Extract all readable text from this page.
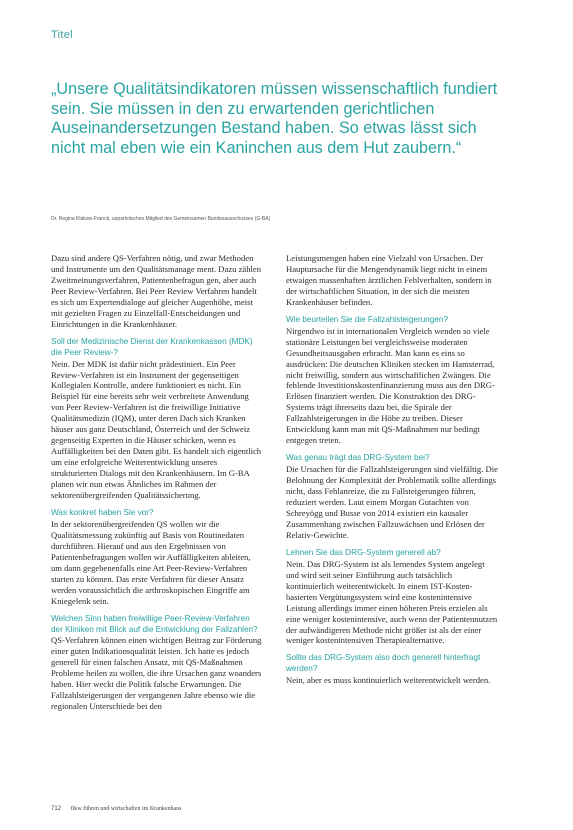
Titel
„Unsere Qualitätsindikatoren müssen wissenschaftlich fundiert sein. Sie müssen in den zu erwartenden gerichtlichen Auseinandersetzungen Bestand haben. So etwas lässt sich nicht mal eben wie ein Kaninchen aus dem Hut zaubern.“
Dr. Regina Klakow-Franck, unparteiisches Mitglied des Gemeinsamen Bundesausschusses (G-BA)

Dazu sind andere QS-Verfahren nötig, und zwar Methoden und Instrumente um den Qualitätsmanage ment. Dazu zählen Zweitmeinungsverfahren, Patientenbefragun gen, aber auch Peer Review-Verfahren. Bei Peer Review Verfahren handelt es sich um Expertendialoge auf gleicher Augenhöhe, meist mit gezielten Fragen zu Einzelfall-Entscheidungen und Einrichtungen in die Krankenhäuser.

Soll der Medizinische Dienst der Krankenkassen (MDK) die Peer Review-?

Nein. Der MDK ist dafür nicht prädestiniert. Ein Peer Review-Verfahren ist ein Instrument der gegenseitigen Kollegialen Kontrolle, andere funktioniert es nicht. Ein Beispiel für eine bereits sehr weit verbreitete Anwendung von Peer Review-Verfahren ist die freiwillige Initiative Qualitätsmedizin (IQM), unter deren Dach sich Kranken häuser aus ganz Deutschland, Österreich und der Schweiz gegenseitig Experten in die Häuser schicken, wenn es Auffälligkeiten bei den Daten gibt. Es handelt sich eigentlich um eine erfolgreiche Weiterentwicklung unseres strukturierten Dialogs mit den Krankenhäusern. Im G-BA planen wir nun etwas Ähnliches im Rahmen der sektorenübergreifenden Qualitätssicherung.

Was konkret haben Sie vor?

In der sektorenübergreifenden QS wollen wir die Qualitätsmessung zukünftig auf Basis von Routinedaten durchführen. Hierauf und aus den Ergebnissen von Patientenbefragungen wollen wir Auffälligkeiten ableiten, um dann gegebenenfalls eine Art Peer-Review-Verfahren starten zu können. Das erste Verfahren für dieser Ansatz werden voraussichtlich die arthroskopischen Eingriffe am Kniegelenk sein.

Welchen Sinn haben freiwillige Peer-Review-Verfahren der Kliniken mit Blick auf die Entwicklung der Fallzahlen?

QS-Verfahren können einen wichtigen Beitrag zur Förderung einer guten Indikationsqualität leisten. Ich hatte es jedoch generell für einen falschen Ansatz, mit QS-Maßnahmen Probleme heilen zu wollen, die ihre Ursachen ganz woanders haben. Hier weckt die Politik falsche Erwartungen. Die Fallzahlsteigerungen der vergangenen Jahre ebenso wie die regionalen Unterschiede bei den

Leistungsmengen haben eine Vielzahl von Ursachen. Der Hauptursache für die Mengendynamik liegt nicht in einem etwaigen massenhaften ärztlichen Fehlverhalten, sondern in der wirtschaftlichen Situation, in der sich die meisten Krankenhäuser befinden.

Wie beurteilen Sie die Fallzahlsteigerungen?

Nirgendwo ist in internationalen Vergleich wenden so viele stationäre Leistungen bei vergleichsweise moderaten Gesundheitsausgaben erbracht. Man kann es eins so ausdrücken: Die deutschen Kliniken stecken im Hamsterrad, nicht freiwillig, sondern aus wirtschaftlichen Zwängen. Die fehlende Investitionskostenfinanzierung muss aus den DRG-Erlösen finanziert werden. Die Konstruktion des DRG-Systems trägt ihrerseits dazu bei, die Spirale der Fallzahlsteigerungen in die Höhe zu treiben. Dieser Entwicklung kann man mit QS-Maßnahmen nur bedingt entgegen treten.

Was genau trägt das DRG-System bei?

Die Ursachen für die Fallzahlsteigerungen sind vielfältig. Die Belohnung der Komplexität der Problematik sollte allerdings nicht, dass Fehlanreize, die zu Fallsteigerungen führen, reduziert werden. Laut einem Morgan Gutachten von Schreyögg und Busse von 2014 existiert ein kausaler Zusammenhang zwischen Fallzuwächsen und Erlösen der Relativ-Gewichte.

Lehnen Sie das DRG-System generell ab?

Nein. Das DRG-System ist als lernendes System angelegt und wird seit seiner Einführung auch tatsächlich kontinuierlich weiterentwickelt. In einem IST-Kosten-basierten Vergütungssystem wird eine kostenintensive Leistung allerdings immer einen höheren Preis erzielen als eine weniger kostenintensive, auch wenn der Patientennutzen der aufwändigeren Methode nicht größer ist als der einer weniger kostenintensiven Therapiealternative.

Sollte das DRG-System also doch generell hinterfragt werden?

Nein, aber es muss kontinuierlich weiterentwickelt werden.

712 f&w führen und wirtschaften im Krankenhaus
